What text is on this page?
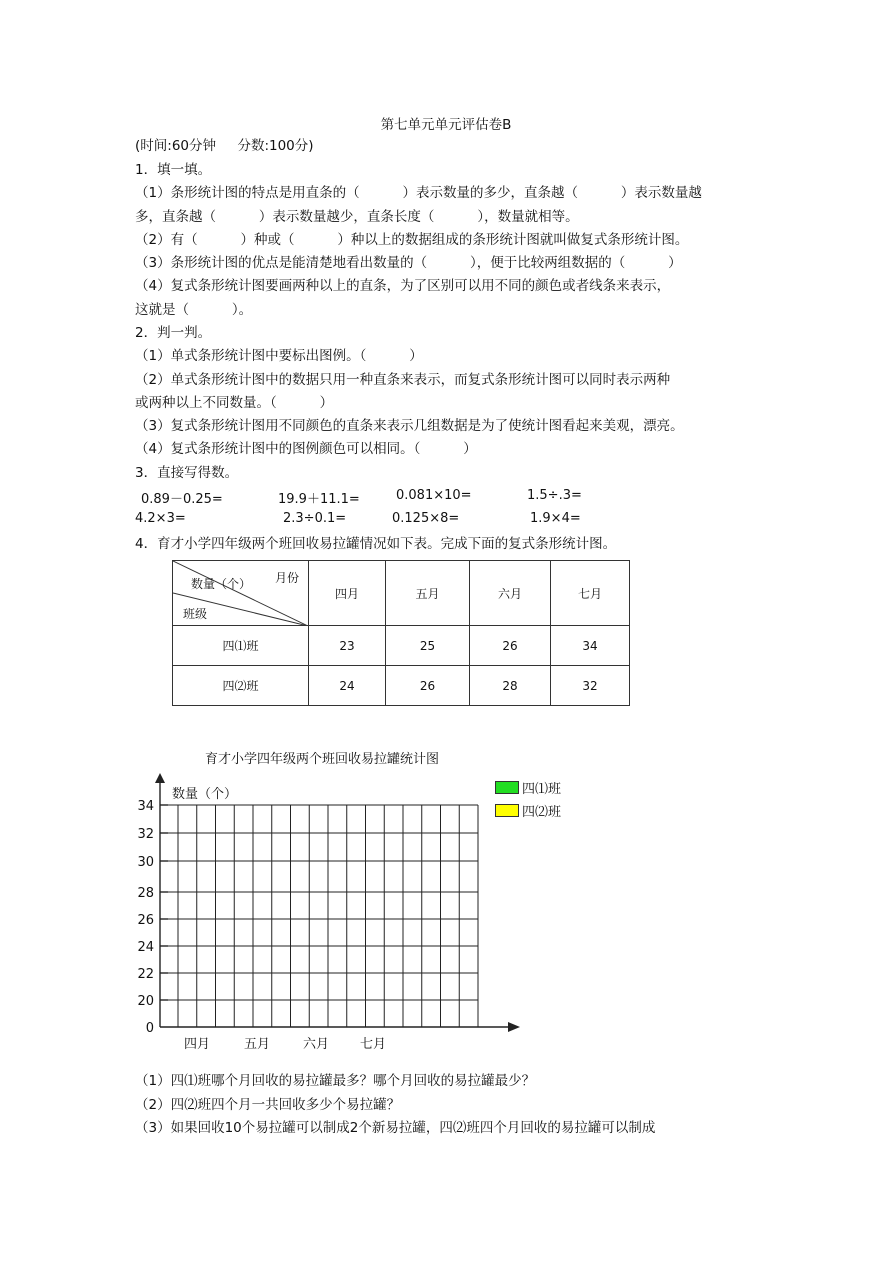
第七单元单元评估卷B
(时间:60分钟     分数:100分)
1．填一填。
（1）条形统计图的特点是用直条的（          ）表示数量的多少，直条越（          ）表示数量越
多，直条越（          ）表示数量越少，直条长度（          ），数量就相等。
（2）有（          ）种或（          ）种以上的数据组成的条形统计图就叫做复式条形统计图。
（3）条形统计图的优点是能清楚地看出数量的（          ），便于比较两组数据的（          ）
（4）复式条形统计图要画两种以上的直条，为了区别可以用不同的颜色或者线条来表示，
这就是（          ）。
2．判一判。
（1）单式条形统计图中要标出图例。（          ）
（2）单式条形统计图中的数据只用一种直条来表示，而复式条形统计图可以同时表示两种
或两种以上不同数量。（          ）
（3）复式条形统计图用不同颜色的直条来表示几组数据是为了使统计图看起来美观，漂亮。
（4）复式条形统计图中的图例颜色可以相同。（          ）
3．直接写得数。
0.89－0.25=	19.9＋11.1=	0.081×10=	1.5÷.3=
4.2×3=	2.3÷0.1=	0.125×8=	1.9×4=
4．育才小学四年级两个班回收易拉罐情况如下表。完成下面的复式条形统计图。
月份
数量（个）
班级	四月	五月	六月	七月
四⑴班	23	25	26	34
四⑵班	24	26	28	32
育才小学四年级两个班回收易拉罐统计图
0
20
22
24
26
28
30
32
34
数量（个）
四月	五月	六月 七月
四⑴班
四⑵班
（1）四⑴班哪个月回收的易拉罐最多？哪个月回收的易拉罐最少？
（2）四⑵班四个月一共回收多少个易拉罐？
（3）如果回收10个易拉罐可以制成2个新易拉罐，四⑵班四个月回收的易拉罐可以制成
